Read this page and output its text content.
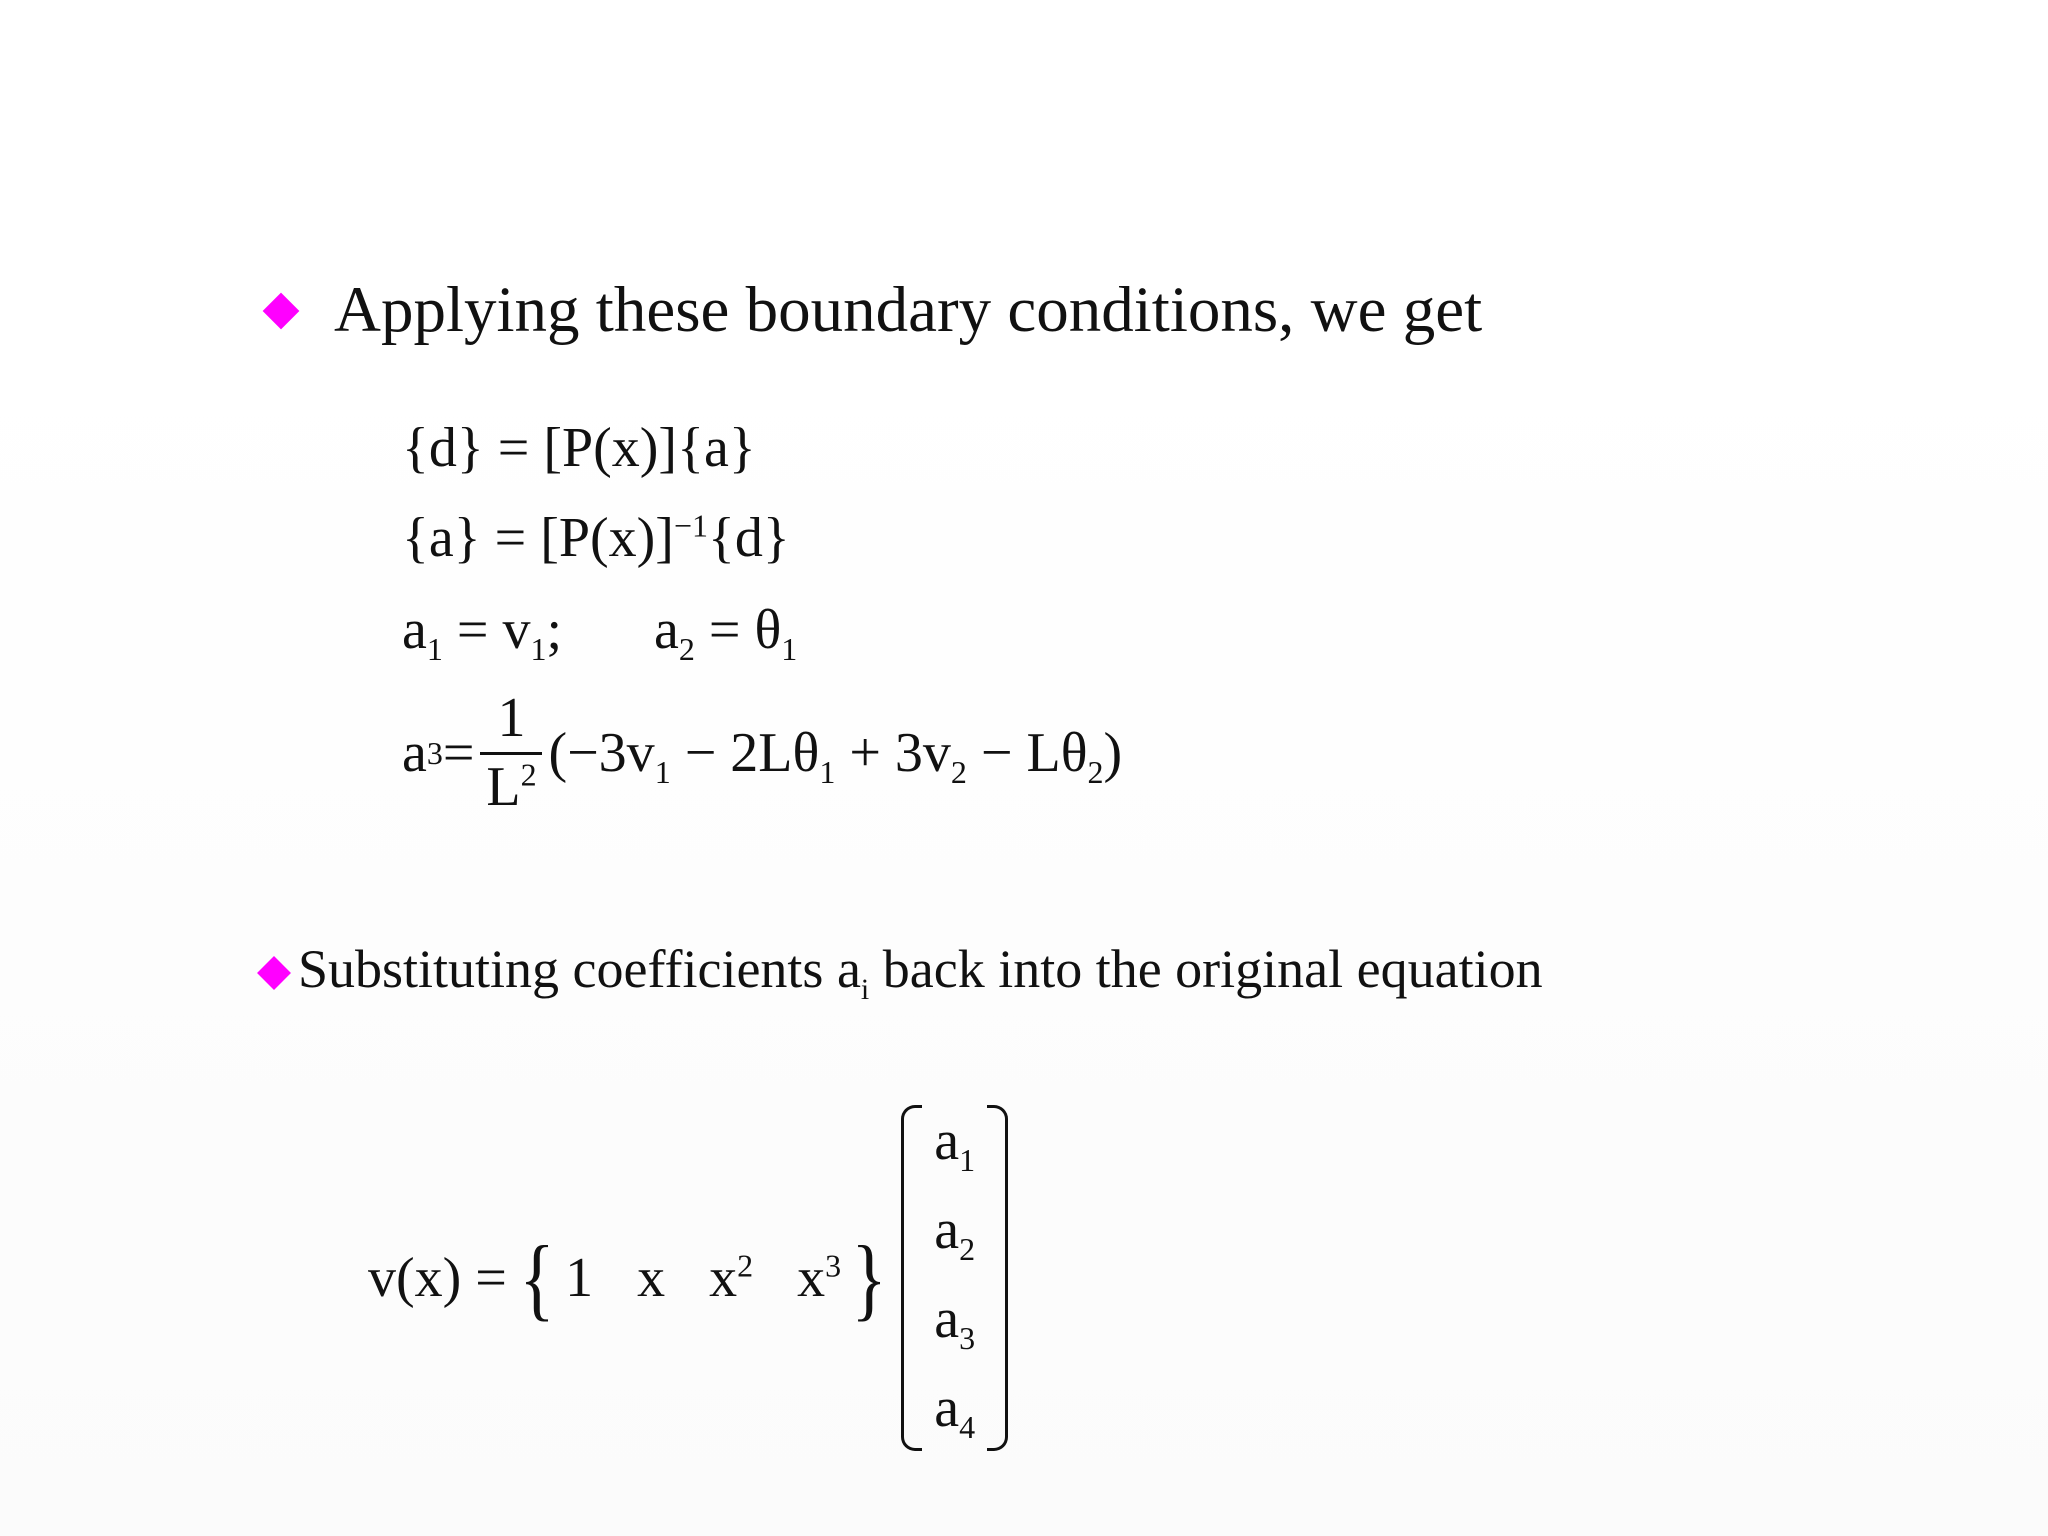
Applying these boundary conditions, we get
{d} = [P(x)]{a}
$\{a\} = [P(x)]^{-1}\{d\}$
$a_1 = v_1$; $a_2 = \theta_1$
a $3 = \frac{1}{L^2} (-3v_1 - 2L\theta_1 + 3v_2 - L\theta_2)$
Substituting coefficients $a_i$ back into the original equation
v(x) = { 1 x $x^2$ $x^3$ }
$a_1$
$a_2$
$a_3$
$a_4$
